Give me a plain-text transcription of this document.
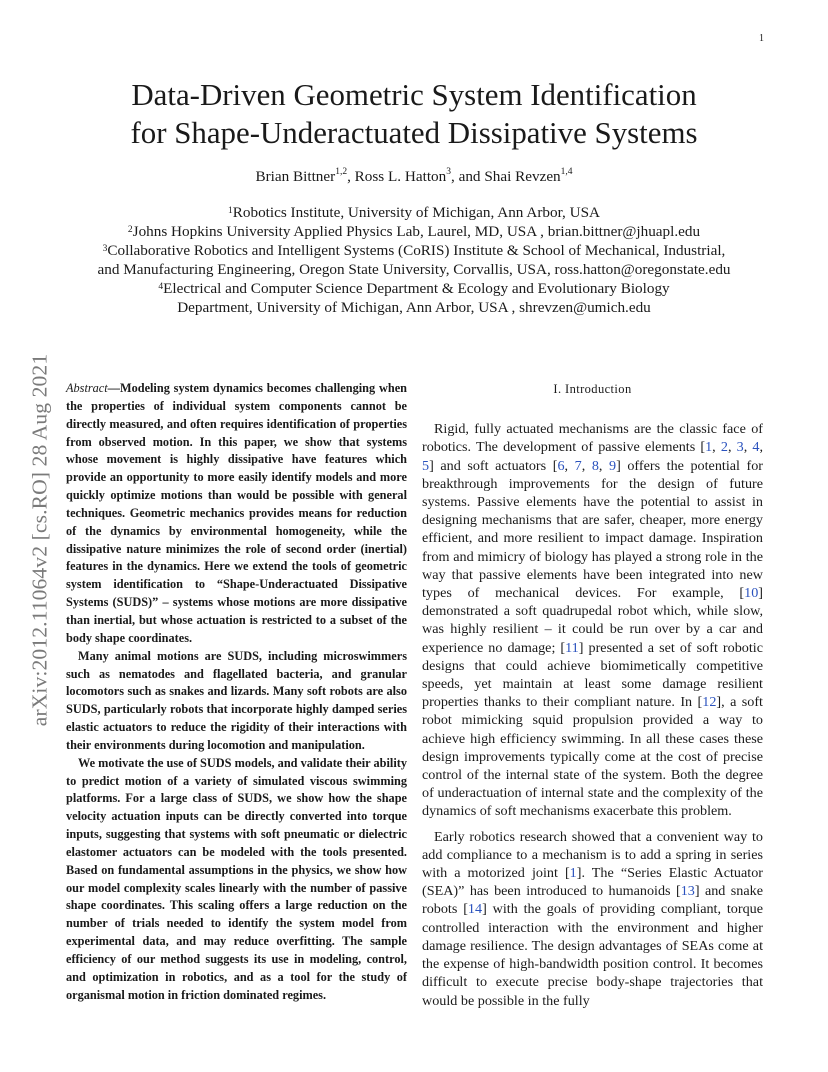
1
arXiv:2012.11064v2 [cs.RO] 28 Aug 2021
Data-Driven Geometric System Identification
for Shape-Underactuated Dissipative Systems
Brian Bittner$^{1,2}$, Ross L. Hatton$^3$, and Shai Revzen$^{1,4}$
$^1$Robotics Institute, University of Michigan, Ann Arbor, USA
$^2$Johns Hopkins University Applied Physics Lab, Laurel, MD, USA , brian.bittner@jhuapl.edu
$^3$Collaborative Robotics and Intelligent Systems (CoRIS) Institute & School of Mechanical, Industrial,
and Manufacturing Engineering, Oregon State University, Corvallis, USA, ross.hatton@oregonstate.edu
$^4$Electrical and Computer Science Department & Ecology and Evolutionary Biology
Department, University of Michigan, Ann Arbor, USA , shrevzen@umich.edu

Abstract—Modeling system dynamics becomes challenging when the properties of individual system components cannot be directly measured, and often requires identification of properties from observed motion. In this paper, we show that systems whose movement is highly dissipative have features which provide an opportunity to more easily identify models and more quickly optimize motions than would be possible with general techniques. Geometric mechanics provides means for reduction of the dynamics by environmental homogeneity, while the dissipative nature minimizes the role of second order (inertial) features in the dynamics. Here we extend the tools of geometric system identification to “Shape-Underactuated Dissipative Systems (SUDS)” – systems whose motions are more dissipative than inertial, but whose actuation is restricted to a subset of the body shape coordinates.

Many animal motions are SUDS, including microswimmers such as nematodes and flagellated bacteria, and granular locomotors such as snakes and lizards. Many soft robots are also SUDS, particularly robots that incorporate highly damped series elastic actuators to reduce the rigidity of their interactions with their environments during locomotion and manipulation.

We motivate the use of SUDS models, and validate their ability to predict motion of a variety of simulated viscous swimming platforms. For a large class of SUDS, we show how the shape velocity actuation inputs can be directly converted into torque inputs, suggesting that systems with soft pneumatic or dielectric elastomer actuators can be modeled with the tools presented. Based on fundamental assumptions in the physics, we show how our model complexity scales linearly with the number of passive shape coordinates. This scaling offers a large reduction on the number of trials needed to identify the system model from experimental data, and may reduce overfitting. The sample efficiency of our method suggests its use in modeling, control, and optimization in robotics, and as a tool for the study of organismal motion in friction dominated regimes.

I. Introduction

Rigid, fully actuated mechanisms are the classic face of robotics. The development of passive elements [1, 2, 3, 4, 5] and soft actuators [6, 7, 8, 9] offers the potential for breakthrough improvements for the design of future systems. Passive elements have the potential to assist in designing mechanisms that are safer, cheaper, more energy efficient, and more resilient to impact damage. Inspiration from and mimicry of biology has played a strong role in the way that passive elements have been integrated into new types of mechanical devices. For example, [10] demonstrated a soft quadrupedal robot which, while slow, was highly resilient – it could be run over by a car and experience no damage; [11] presented a set of soft robotic designs that could achieve biomimetically competitive speeds, yet maintain at least some damage resilient properties thanks to their compliant nature. In [12], a soft robot mimicking squid propulsion provided a way to achieve high efficiency swimming. In all these cases these design improvements typically come at the cost of precise control of the internal state of the system. Both the degree of underactuation of internal state and the complexity of the dynamics of soft mechanisms exacerbate this problem.

Early robotics research showed that a convenient way to add compliance to a mechanism is to add a spring in series with a motorized joint [1]. The “Series Elastic Actuator (SEA)” has been introduced to humanoids [13] and snake robots [14] with the goals of providing compliant, torque controlled interaction with the environment and higher damage resilience. The design advantages of SEAs come at the expense of high-bandwidth position control. It becomes difficult to execute precise body-shape trajectories that would be possible in the fully
